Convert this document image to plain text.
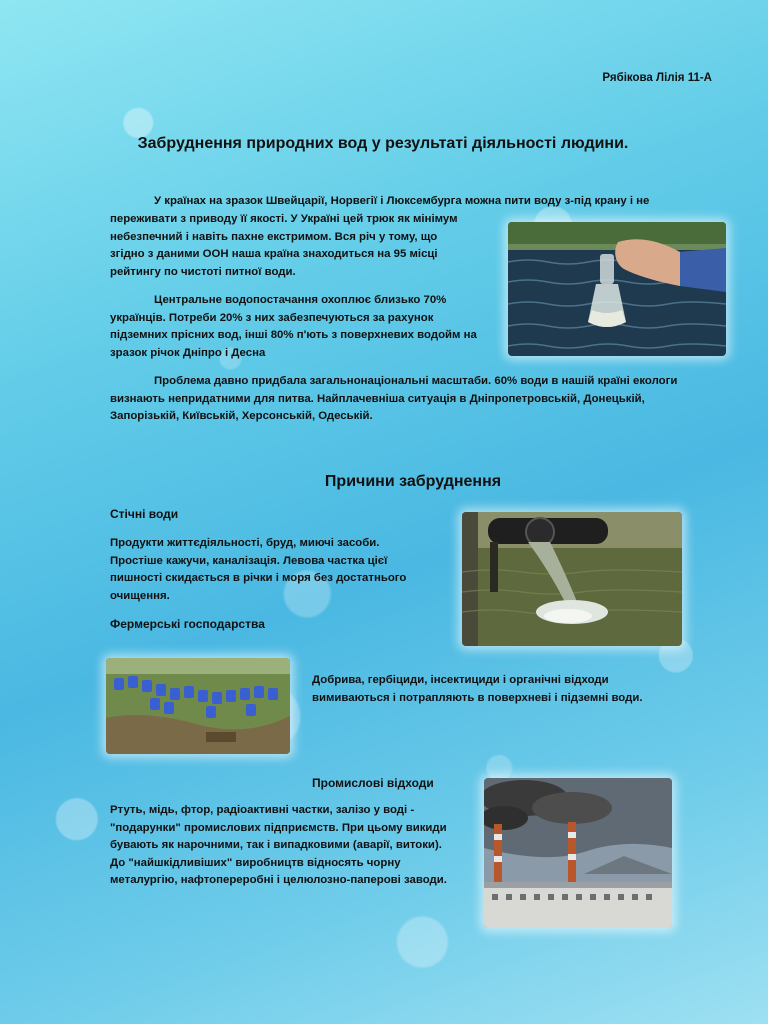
Рябікова Лілія 11-А
Забруднення природних вод у результаті діяльності людини.
У країнах на зразок Швейцарії, Норвегії і Люксембурга можна пити воду з-під крану і не
переживати з приводу її якості. У Україні цей трюк як мінімум небезпечний і навіть пахне екстримом. Вся річ у тому, що згідно з даними ООН наша країна знаходиться на 95 місці рейтингу по чистоті питної води.
Центральне водопостачання охоплює близько 70% українців. Потреби 20% з них забезпечуються за рахунок підземних прісних вод, інші 80% п'ють з поверхневих водойм на зразок річок Дніпро і Десна
Проблема давно придбала загальнонаціональні масштаби. 60% води в нашій країні екологи визнають непридатними для питва. Найплачевніша ситуація в Дніпропетровській, Донецькій, Запорізькій, Київській, Херсонській, Одеській.
Причини забруднення
Стічні води
Продукти життєдіяльності, бруд, миючі засоби. Простіше кажучи, каналізація. Левова частка цієї пишності скидається в річки і моря без достатнього очищення.
Фермерські господарства
Добрива, гербіциди, інсектициди і органічні відходи вимиваються і потрапляють в поверхневі і підземні води.
Промислові відходи
Ртуть, мідь, фтор, радіоактивні частки, залізо у воді - "подарунки" промислових підприємств. При цьому викиди бувають як нарочними, так і випадковими (аварії, витоки). До "найшкідливіших" виробництв відносять чорну металургію, нафтопереробні і целюлозно-паперові заводи.
